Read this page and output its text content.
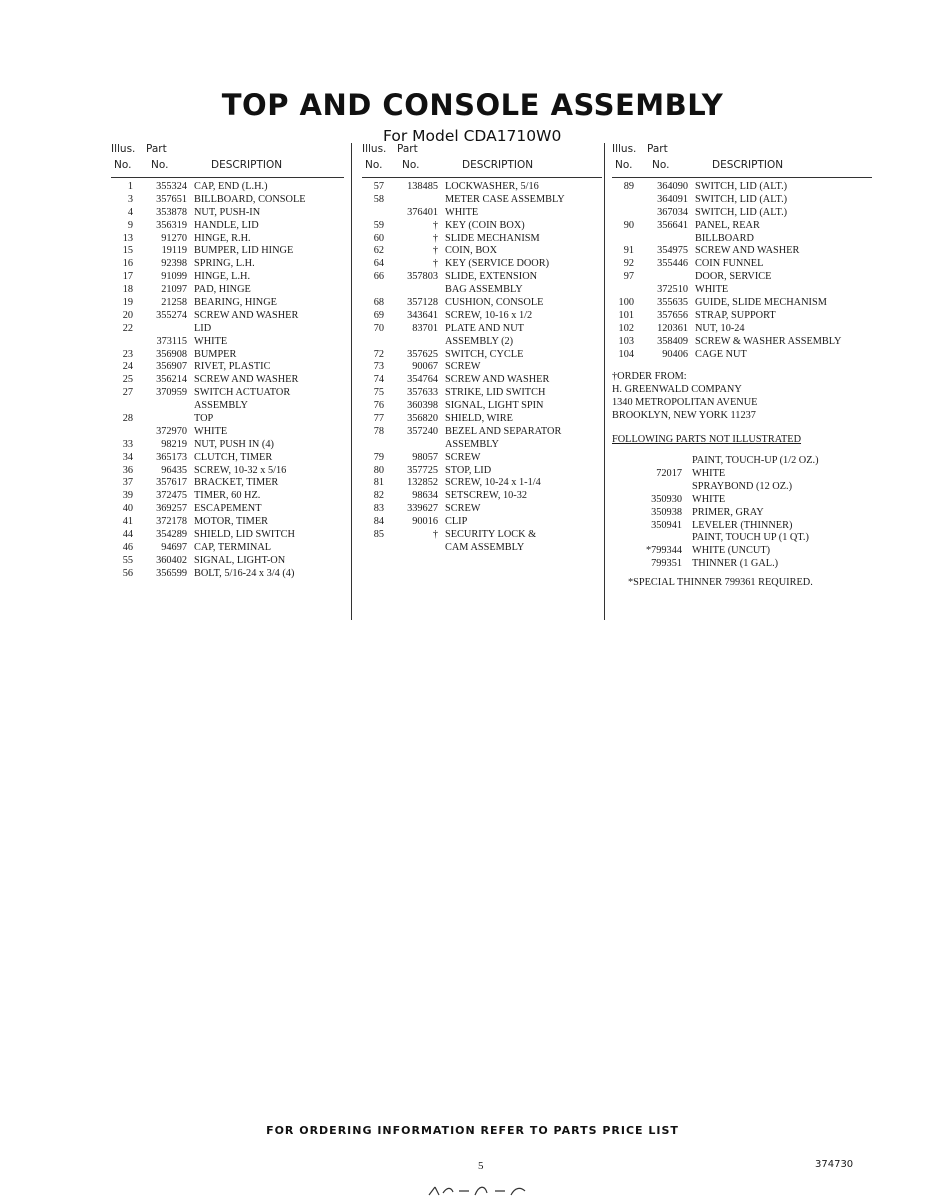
TOP AND CONSOLE ASSEMBLY
For Model CDA1710W0
Illus. Part
No. No.	DESCRIPTION
1	355324 CAP, END (L.H.)
3	357651 BILLBOARD, CONSOLE
4	353878 NUT, PUSH-IN
9	356319 HANDLE, LID
13	91270 HINGE, R.H.
15	19119 BUMPER, LID HINGE
16	92398 SPRING, L.H.
17	91099 HINGE, L.H.
18	21097 PAD, HINGE
19	21258 BEARING, HINGE
20	355274 SCREW AND WASHER
22	LID
373115 WHITE
23	356908 BUMPER
24	356907 RIVET, PLASTIC
25	356214 SCREW AND WASHER
27	370959 SWITCH ACTUATOR
ASSEMBLY
28	TOP
372970 WHITE
33	98219 NUT, PUSH IN (4)
34	365173 CLUTCH, TIMER
36	96435 SCREW, 10-32 x 5/16
37	357617 BRACKET, TIMER
39	372475 TIMER, 60 HZ.
40	369257 ESCAPEMENT
41	372178 MOTOR, TIMER
44	354289 SHIELD, LID SWITCH
46	94697 CAP, TERMINAL
55	360402 SIGNAL, LIGHT-ON
56	356599 BOLT, 5/16-24 x 3/4 (4)
Illus. Part
No. No.	DESCRIPTION
57	138485 LOCKWASHER, 5/16
58	METER CASE ASSEMBLY
376401 WHITE
59	† KEY (COIN BOX)
60	† SLIDE MECHANISM
62	† COIN, BOX
64	† KEY (SERVICE DOOR)
66	357803 SLIDE, EXTENSION
BAG ASSEMBLY
68	357128 CUSHION, CONSOLE
69	343641 SCREW, 10-16 x 1/2
70	83701 PLATE AND NUT
ASSEMBLY (2)
72	357625 SWITCH, CYCLE
73	90067 SCREW
74	354764 SCREW AND WASHER
75	357633 STRIKE, LID SWITCH
76	360398 SIGNAL, LIGHT SPIN
77	356820 SHIELD, WIRE
78	357240 BEZEL AND SEPARATOR
ASSEMBLY
79	98057 SCREW
80	357725 STOP, LID
81	132852 SCREW, 10-24 x 1-1/4
82	98634 SETSCREW, 10-32
83	339627 SCREW
84	90016 CLIP
85	† SECURITY LOCK &
CAM ASSEMBLY
Illus. Part
No. No.	DESCRIPTION
89	364090 SWITCH, LID (ALT.)
364091 SWITCH, LID (ALT.)
367034 SWITCH, LID (ALT.)
90	356641 PANEL, REAR
BILLBOARD
91	354975 SCREW AND WASHER
92	355446 COIN FUNNEL
97	DOOR, SERVICE
372510 WHITE
100	355635 GUIDE, SLIDE MECHANISM
101	357656 STRAP, SUPPORT
102	120361 NUT, 10-24
103	358409 SCREW & WASHER ASSEMBLY
104	90406 CAGE NUT
†ORDER FROM:
H. GREENWALD COMPANY
1340 METROPOLITAN AVENUE
BROOKLYN, NEW YORK 11237
FOLLOWING PARTS NOT ILLUSTRATED
PAINT, TOUCH-UP (1/2 OZ.)
72017 WHITE
SPRAYBOND (12 OZ.)
350930 WHITE
350938 PRIMER, GRAY
350941 LEVELER (THINNER)
PAINT, TOUCH UP (1 QT.)
*799344 WHITE (UNCUT)
799351 THINNER (1 GAL.)
*SPECIAL THINNER 799361 REQUIRED.
FOR ORDERING INFORMATION REFER TO PARTS PRICE LIST
5	374730
